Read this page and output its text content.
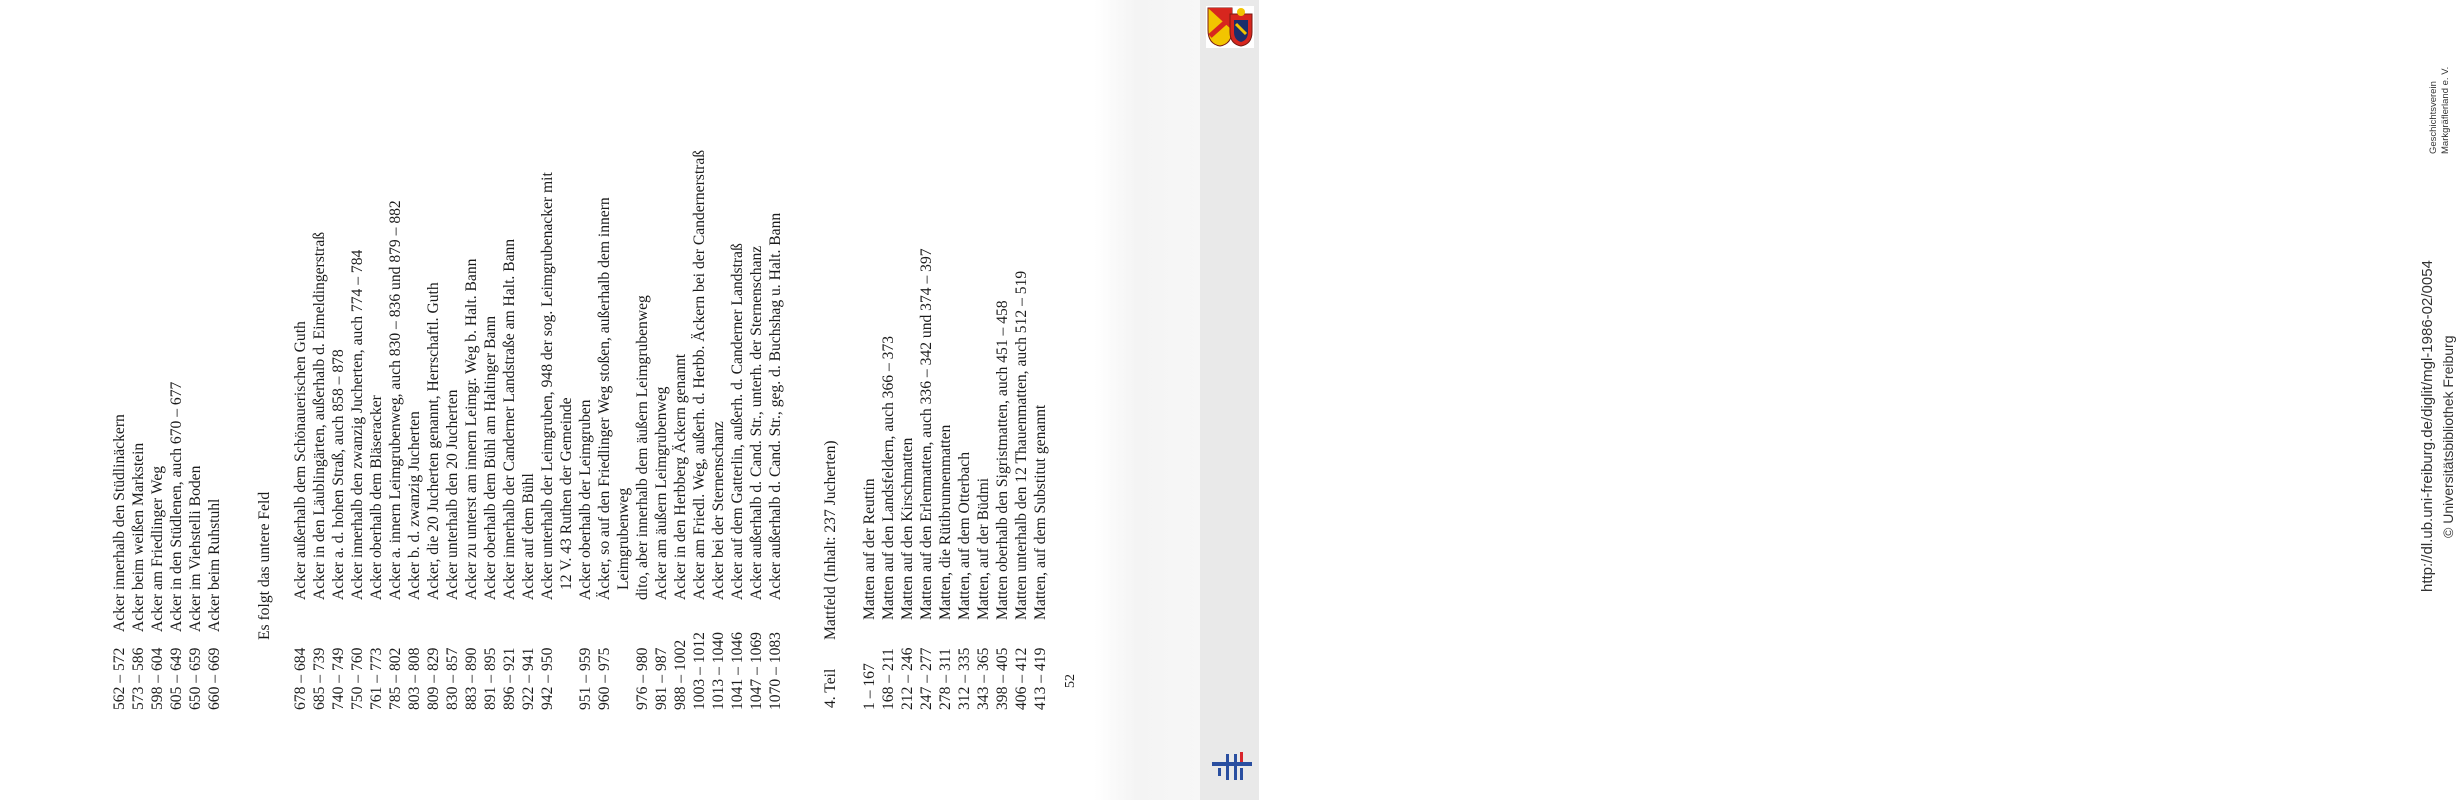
562 – 572
Acker innerhalb den Stüdlinäckern
573 – 586
Acker beim weißen Markstein
598 – 604
Acker am Friedlinger Weg
605 – 649
Acker in den Stüdlenen, auch 670 – 677
650 – 659
Acker im Viehstelli Boden
660 – 669
Acker beim Ruhstuhl Es folgt das untere Feld
678 – 684
Acker außerhalb dem Schönauerischen Guth
685 – 739
Acker in den Läublingärten, außerhalb d. Eimeldingerstraß
740 – 749
Acker a. d. hohen Straß, auch 858 – 878
750 – 760
Acker innerhalb den zwanzig Jucherten, auch 774 – 784
761 – 773
Acker oberhalb dem Bläseracker
785 – 802
Acker a. innern Leimgrubenweg, auch 830 – 836 und 879 – 882
803 – 808
Acker b. d. zwanzig Jucherten
809 – 829
Acker, die 20 Jucherten genannt, Herrschaftl. Guth
830 – 857
Acker unterhalb den 20 Jucherten
883 – 890
Acker zu unterst am innern Leimgr. Weg b. Halt. Bann
891 – 895
Acker oberhalb dem Bühl am Haltinger Bann
896 – 921
Acker innerhalb der Canderner Landstraße am Halt. Bann
922 – 941
Acker auf dem Bühl
942 – 950
Acker unterhalb der Leimgruben, 948 der sog. Leimgrubenacker mit 12 V. 43 Ruthen der Gemeinde
951 – 959
Acker oberhalb der Leimgruben
960 – 975
Äcker, so auf den Friedlinger Weg stoßen, außerhalb dem innern Leimgrubenweg
976 – 980
dito, aber innerhalb dem äußern Leimgrubenweg
981 – 987
Acker am äußern Leimgrubenweg
988 – 1002
Acker in den Herbberg Äckern genannt
1003 – 1012
Acker am Friedl. Weg, außerh. d. Herbb. Äckern bei der Candernerstraß
1013 – 1040
Acker bei der Sternenschanz
1041 – 1046
Acker auf dem Gatterlin, außerh. d. Canderner Landstraß
1047 – 1069
Acker außerhalb d. Cand. Str., unterh. der Sternenschanz
1070 – 1083
Acker außerhalb d. Cand. Str., geg. d. Buchshag u. Halt. Bann
4. Teil
Mattfeld (Inhalt: 237 Jucherten)
1 – 167
Matten auf der Reuttin
168 – 211
Matten auf den Landsfeldern, auch 366 – 373
212 – 246
Matten auf den Kirschmatten
247 – 277
Matten auf den Erlenmatten, auch 336 – 342 und 374 – 397
278 – 311
Matten, die Rütibrunnenmatten
312 – 335
Matten, auf dem Otterbach
343 – 365
Matten, auf der Büdmi
398 – 405
Matten oberhalb den Sigristmatten, auch 451 – 458
406 – 412
Matten unterhalb den 12 Thauenmatten, auch 512 – 519
413 – 419
Matten, auf dem Substitut genannt
52
http://dl.ub.uni-freiburg.de/diglit/mgl-1986-02/0054 © Universitätsbibliothek Freiburg
Geschichtsverein Markgräflerland e. V.
